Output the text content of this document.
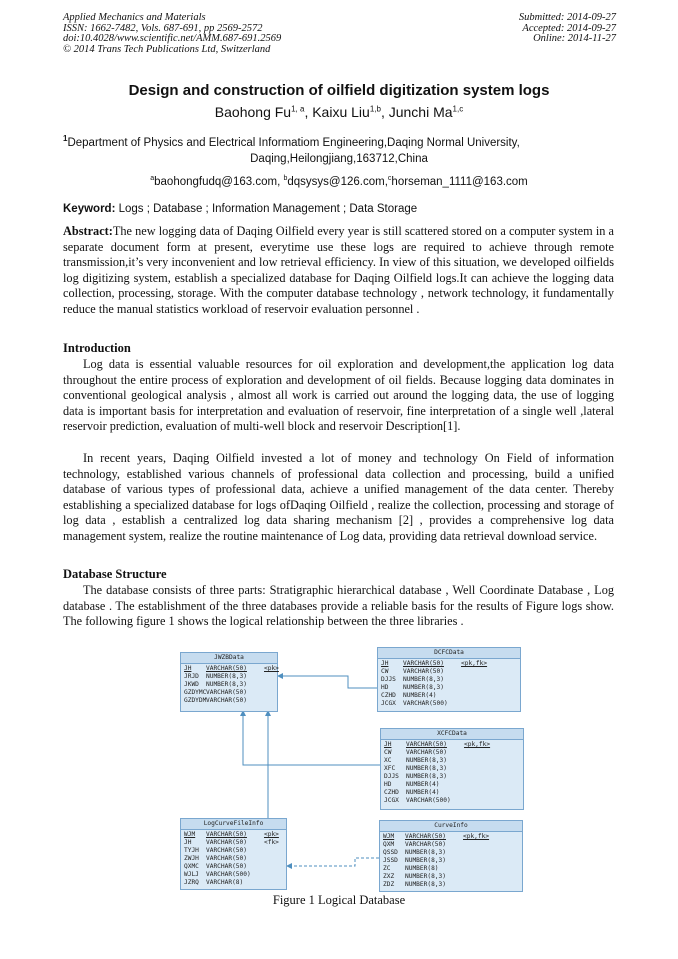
Applied Mechanics and Materials
ISSN: 1662-7482, Vols. 687-691, pp 2569-2572
doi:10.4028/www.scientific.net/AMM.687-691.2569
© 2014 Trans Tech Publications Ltd, Switzerland
Submitted: 2014-09-27
Accepted: 2014-09-27
Online: 2014-11-27
Design and construction of oilfield digitization system logs
Baohong Fu$^{1, a}$, Kaixu Liu$^{1,b}$, Junchi Ma$^{1,c}$
$^1$Department of Physics and Electrical Informatiom Engineering,Daqing Normal University,
Daqing,Heilongjiang,163712,China
$^a$baohongfudq@163.com, $^b$dqsysys@126.com,$^c$horseman_1111@163.com
Keyword: Logs ; Database ; Information Management ; Data Storage
Abstract:The new logging data of Daqing Oilfield every year is still scattered stored on a computer system in a separate document form at present, everytime use these logs are required to achieve through remote transmission,it’s very inconvenient and low retrieval efficiency. In view of this situation, we developed oilfields log digitizing system, establish a specialized database for Daqing Oilfield logs.It can achieve the logging data collection, processing, storage. With the computer database technology , network technology, it fundamentally reduce the manual statistics workload of reservoir evaluation personnel .
Introduction
Log data is essential valuable resources for oil exploration and development,the application log data throughout the entire process of exploration and development of oil fields. Because logging data dominates in conventional geological analysis , almost all work is carried out around the logging data, the use of logging data is important basis for interpretation and evaluation of reservoir, fine interpretation of a single well ,lateral reservoir prediction, evaluation of multi-well block and reservoir Description[1].
In recent years, Daqing Oilfield invested a lot of money and technology On Field of information technology, established various channels of professional data collection and processing, build a unified database of various types of professional data, achieve a unified management of the data center. Thereby establishing a specialized database for logs ofDaqing Oilfield , realize the collection, processing and storage of log data , establish a centralized log data sharing mechanism [2] , provides a comprehensive log data management system, realize the routine maintenance of Log data, providing data retrieval download service.
Database Structure
The database consists of three parts: Stratigraphic hierarchical database , Well Coordinate Database , Log database . The establishment of the three databases provide a reliable basis for the results of Figure logs show. The following figure 1 shows the logical relationship between the three libraries .
JWZBData
JH VARCHAR(50)	<pk>
JRJD NUMBER(8,3)
JKWD NUMBER(8,3)
GZDYMCVARCHAR(50)
GZDYDMVARCHAR(50)
DCFCData
JH VARCHAR(50)	<pk,fk>
CW VARCHAR(50)
DJJS NUMBER(8,3)
HD NUMBER(8,3)
CZHD NUMBER(4)
JCGX VARCHAR(500)
XCFCData
JH VARCHAR(50)	<pk,fk>
CW VARCHAR(50)
XC NUMBER(8,3)
XFC NUMBER(8,3)
DJJS NUMBER(8,3)
HD NUMBER(4)
CZHD NUMBER(4)
JCGX VARCHAR(500)
LogCurveFileInfo
WJM VARCHAR(50)	<pk>
JH VARCHAR(50)	<fk>
TYJH VARCHAR(50)
ZWJH VARCHAR(50)
QXMC VARCHAR(50)
WJLJ VARCHAR(500)
JZRQ VARCHAR(8)
CurveInfo
WJM VARCHAR(50)	<pk,fk>
QXM VARCHAR(50)
QSSD NUMBER(8,3)
JSSD NUMBER(8,3)
ZC NUMBER(8)
ZXZ NUMBER(8,3)
ZDZ NUMBER(8,3)
Figure 1 Logical Database
